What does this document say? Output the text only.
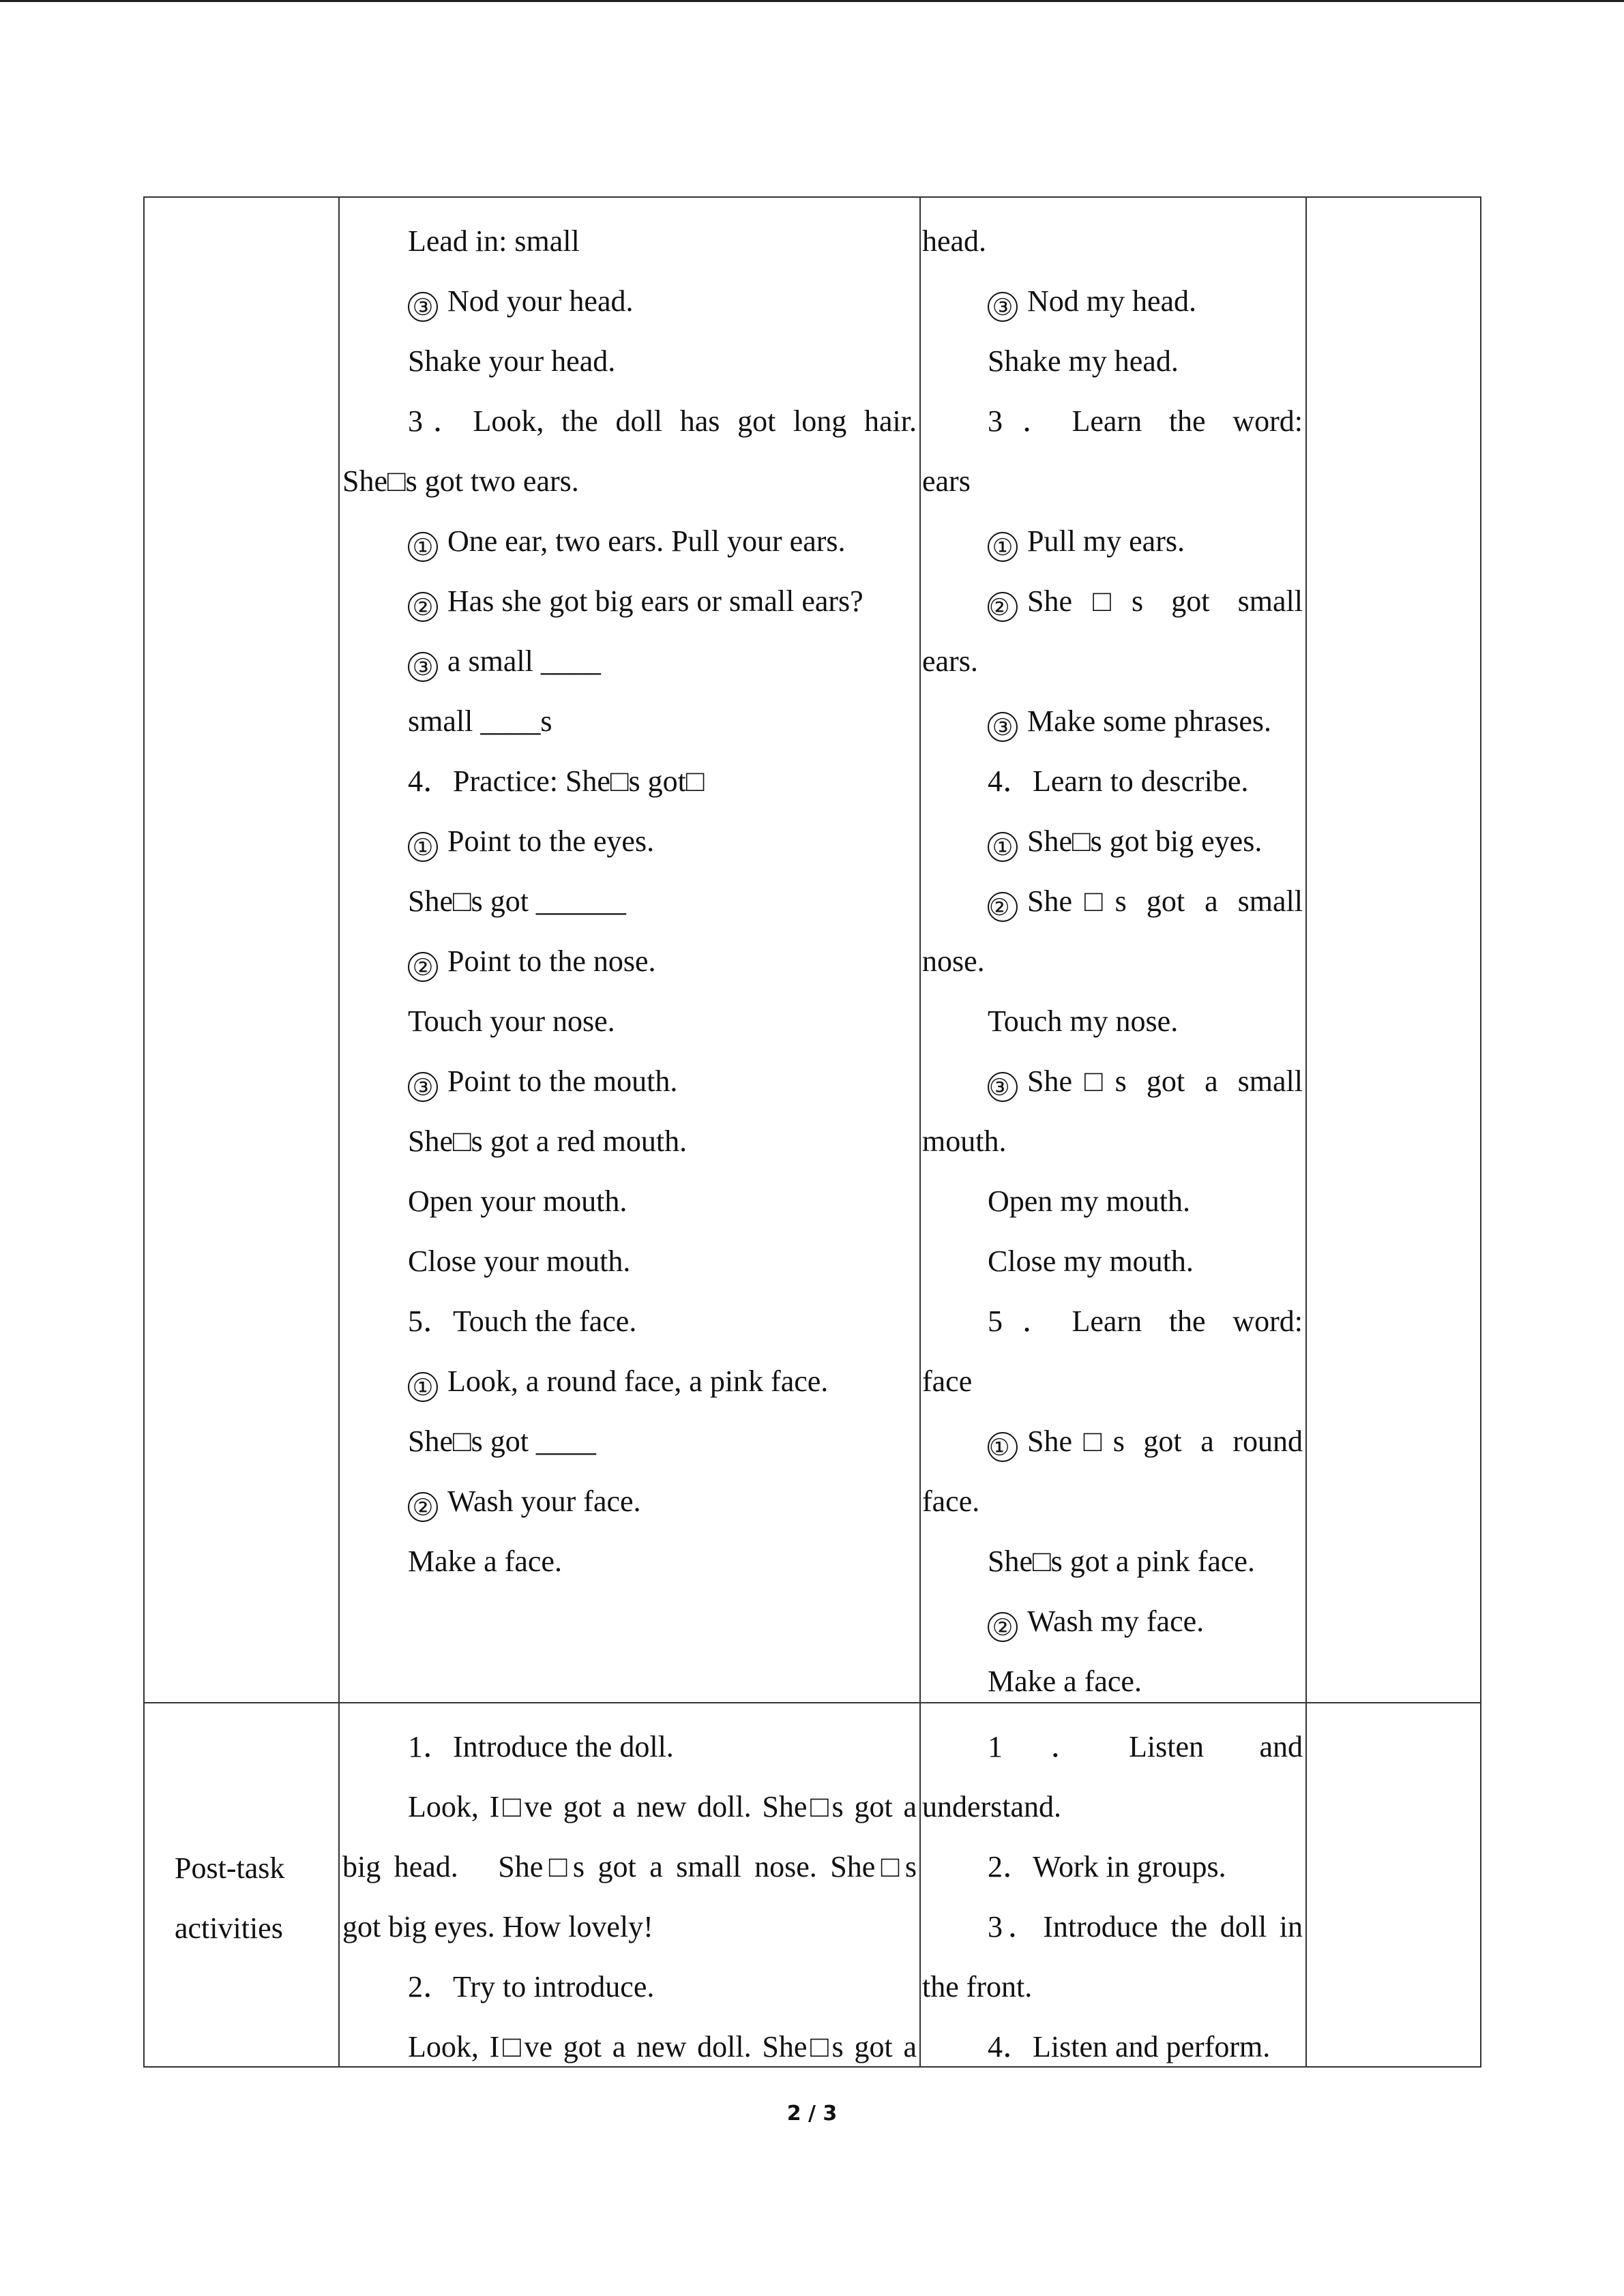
Lead in: small
③ Nod your head.
Shake your head.
3．Look, the doll has got long hair.
She□s got two ears.
① One ear, two ears. Pull your ears.
② Has she got big ears or small ears?
③ a small ____
small ____s
4．Practice: She□s got□
① Point to the eyes.
She□s got ______
② Point to the nose.
Touch your nose.
③ Point to the mouth.
She□s got a red mouth.
Open your mouth.
Close your mouth.
5．Touch the face.
① Look, a round face, a pink face.
She□s got ____
② Wash your face.
Make a face.
head.
③ Nod my head.
Shake my head.
3．Learn the word:
ears
① Pull my ears.
② She□s got small
ears.
③ Make some phrases.
4．Learn to describe.
① She□s got big eyes.
② She□s got a small
nose.
Touch my nose.
③ She□s got a small
mouth.
Open my mouth.
Close my mouth.
5．Learn the word:
face
① She□s got a round
face.
She□s got a pink face.
② Wash my face.
Make a face.
Post-task
activities
1．Introduce the doll.
Look, I□ve got a new doll. She□s got a
big head.   She□s got a small nose. She□s
got big eyes. How lovely!
2．Try to introduce.
Look, I□ve got a new doll. She□s got a
1．Listen and
understand.
2．Work in groups.
3．Introduce the doll in
the front.
4．Listen and perform.
2 / 3
